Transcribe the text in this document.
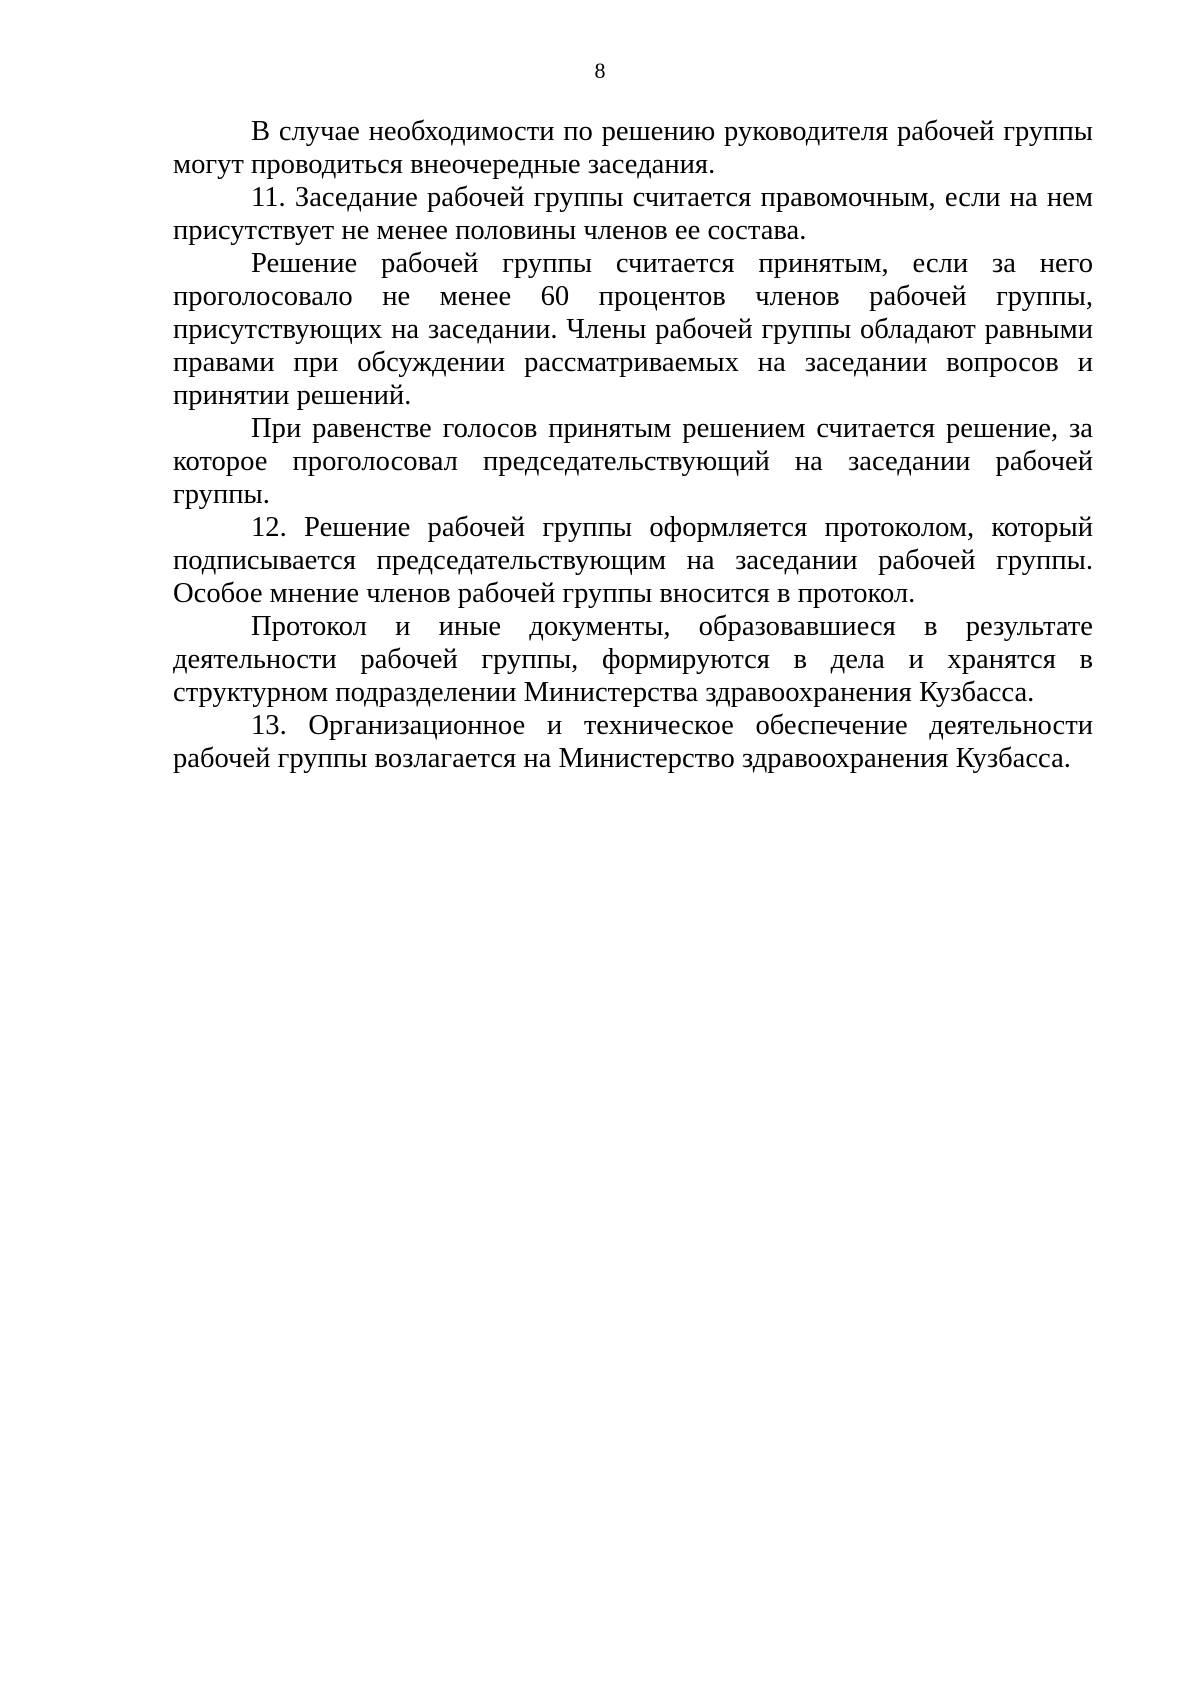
8

В случае необходимости по решению руководителя рабочей группы могут проводиться внеочередные заседания.

11. Заседание рабочей группы считается правомочным, если на нем присутствует не менее половины членов ее состава.

Решение рабочей группы считается принятым, если за него проголосовало не менее 60 процентов членов рабочей группы, присутствующих на заседании. Члены рабочей группы обладают равными правами при обсуждении рассматриваемых на заседании вопросов и принятии решений.

При равенстве голосов принятым решением считается решение, за которое проголосовал председательствующий на заседании рабочей группы.

12. Решение рабочей группы оформляется протоколом, который подписывается председательствующим на заседании рабочей группы. Особое мнение членов рабочей группы вносится в протокол.

Протокол и иные документы, образовавшиеся в результате деятельности рабочей группы, формируются в дела и хранятся в структурном подразделении Министерства здравоохранения Кузбасса.

13. Организационное и техническое обеспечение деятельности рабочей группы возлагается на Министерство здравоохранения Кузбасса.
